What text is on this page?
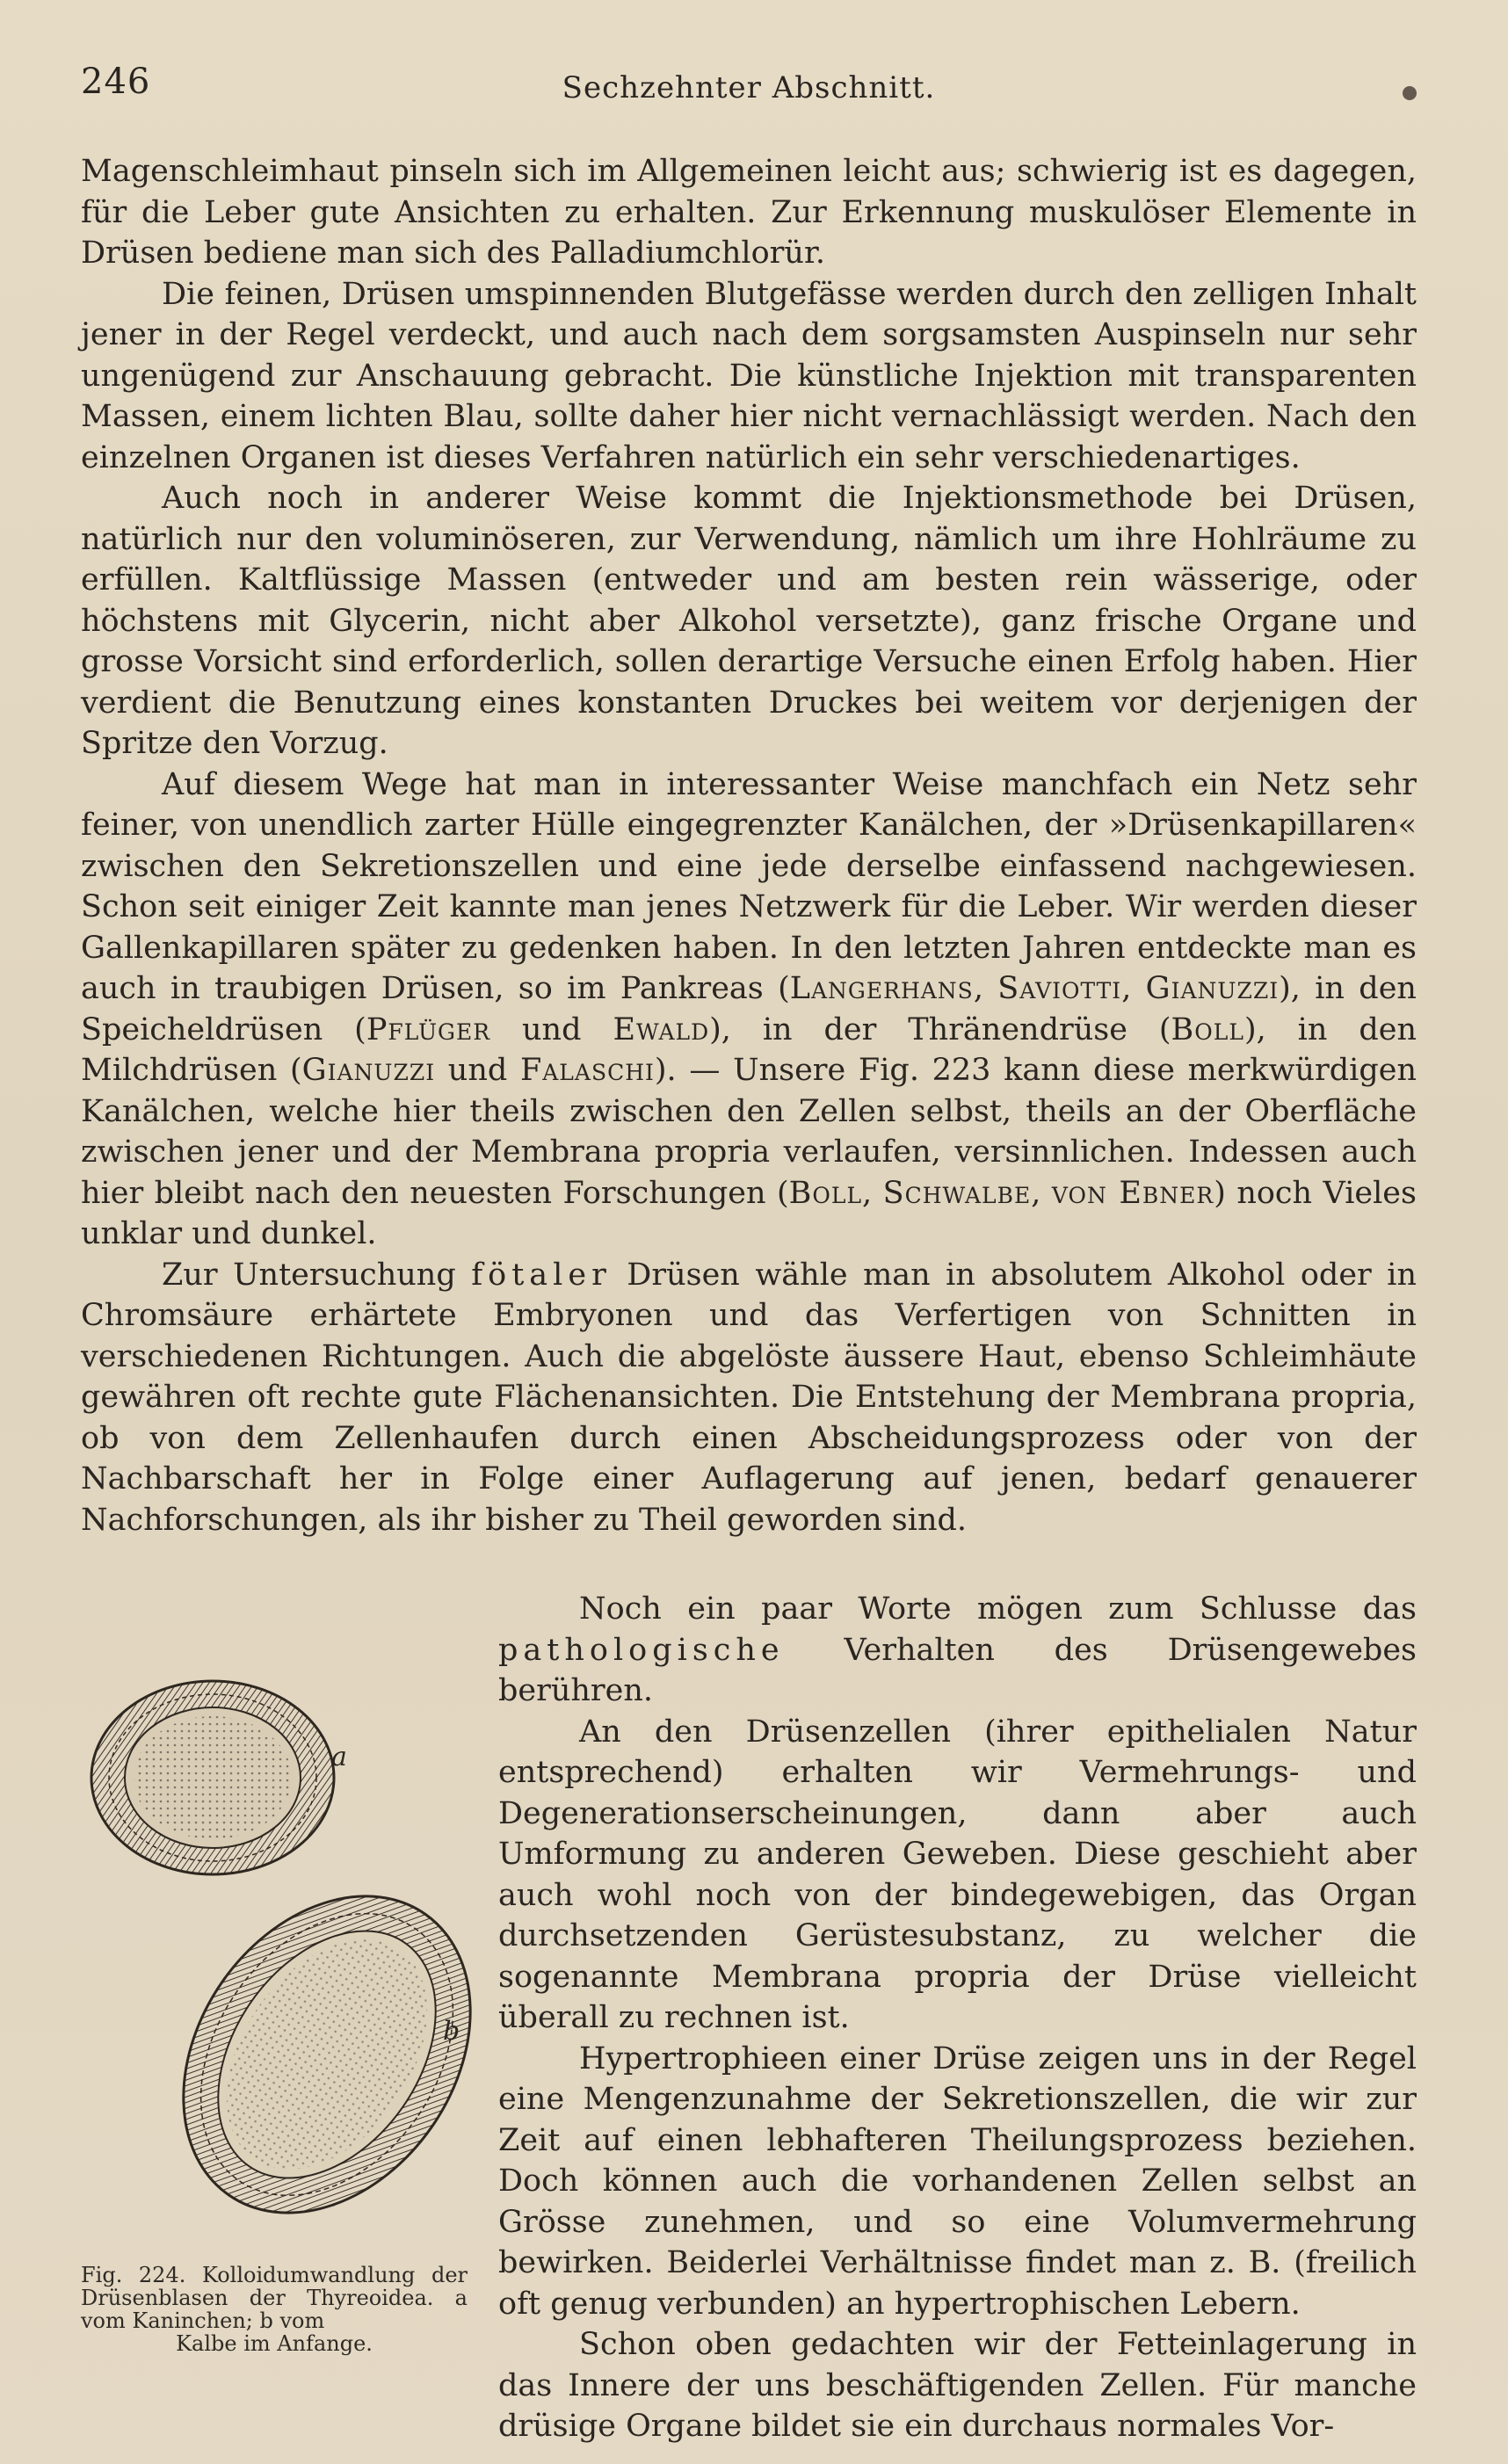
246	Sechzehnter Abschnitt.

Magenschleimhaut pinseln sich im Allgemeinen leicht aus; schwierig ist es dagegen, für die Leber gute Ansichten zu erhalten. Zur Erkennung muskulöser Elemente in Drüsen bediene man sich des Palladiumchlorür.

Die feinen, Drüsen umspinnenden Blutgefässe werden durch den zelligen Inhalt jener in der Regel verdeckt, und auch nach dem sorgsamsten Auspinseln nur sehr ungenügend zur Anschauung gebracht. Die künstliche Injektion mit transparenten Massen, einem lichten Blau, sollte daher hier nicht vernachlässigt werden. Nach den einzelnen Organen ist dieses Verfahren natürlich ein sehr verschiedenartiges.

Auch noch in anderer Weise kommt die Injektionsmethode bei Drüsen, natürlich nur den voluminöseren, zur Verwendung, nämlich um ihre Hohlräume zu erfüllen. Kaltflüssige Massen (entweder und am besten rein wässerige, oder höchstens mit Glycerin, nicht aber Alkohol versetzte), ganz frische Organe und grosse Vorsicht sind erforderlich, sollen derartige Versuche einen Erfolg haben. Hier verdient die Benutzung eines konstanten Druckes bei weitem vor derjenigen der Spritze den Vorzug.

Auf diesem Wege hat man in interessanter Weise manchfach ein Netz sehr feiner, von unendlich zarter Hülle eingegrenzter Kanälchen, der »Drüsenkapillaren« zwischen den Sekretionszellen und eine jede derselbe einfassend nachgewiesen. Schon seit einiger Zeit kannte man jenes Netzwerk für die Leber. Wir werden dieser Gallenkapillaren später zu gedenken haben. In den letzten Jahren entdeckte man es auch in traubigen Drüsen, so im Pankreas (Langerhans, Saviotti, Gianuzzi), in den Speicheldrüsen (Pflüger und Ewald), in der Thränendrüse (Boll), in den Milchdrüsen (Gianuzzi und Falaschi). — Unsere Fig. 223 kann diese merkwürdigen Kanälchen, welche hier theils zwischen den Zellen selbst, theils an der Oberfläche zwischen jener und der Membrana propria verlaufen, versinnlichen. Indessen auch hier bleibt nach den neuesten Forschungen (Boll, Schwalbe, von Ebner) noch Vieles unklar und dunkel.

Zur Untersuchung fötaler Drüsen wähle man in absolutem Alkohol oder in Chromsäure erhärtete Embryonen und das Verfertigen von Schnitten in verschiedenen Richtungen. Auch die abgelöste äussere Haut, ebenso Schleimhäute gewähren oft rechte gute Flächenansichten. Die Entstehung der Membrana propria, ob von dem Zellenhaufen durch einen Abscheidungsprozess oder von der Nachbarschaft her in Folge einer Auflagerung auf jenen, bedarf genauerer Nachforschungen, als ihr bisher zu Theil geworden sind.

a
b
Fig. 224. Kolloidumwandlung der Drüsenblasen der Thyreoidea. a vom Kaninchen; b vom
Kalbe im Anfange.

Noch ein paar Worte mögen zum Schlusse das pathologische Verhalten des Drüsengewebes berühren.

An den Drüsenzellen (ihrer epithelialen Natur entsprechend) erhalten wir Vermehrungs- und Degenerationserscheinungen, dann aber auch Umformung zu anderen Geweben. Diese geschieht aber auch wohl noch von der bindegewebigen, das Organ durchsetzenden Gerüstesubstanz, zu welcher die sogenannte Membrana propria der Drüse vielleicht überall zu rechnen ist.

Hypertrophieen einer Drüse zeigen uns in der Regel eine Mengenzunahme der Sekretionszellen, die wir zur Zeit auf einen lebhafteren Theilungsprozess beziehen. Doch können auch die vorhandenen Zellen selbst an Grösse zunehmen, und so eine Volumvermehrung bewirken. Beiderlei Verhältnisse findet man z. B. (freilich oft genug verbunden) an hypertrophischen Lebern.

Schon oben gedachten wir der Fetteinlagerung in das Innere der uns beschäftigenden Zellen. Für manche drüsige Organe bildet sie ein durchaus normales Vor-
